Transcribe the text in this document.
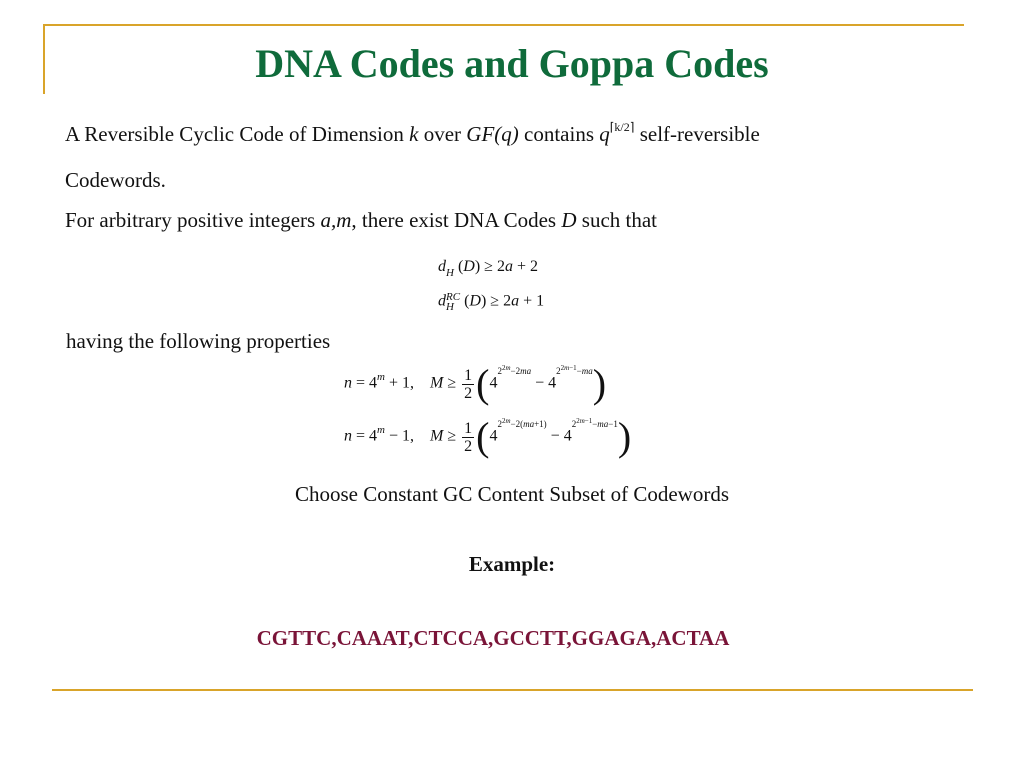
DNA Codes and Goppa Codes
A Reversible Cyclic Code of Dimension k over GF(q) contains $q^{⌈k/2⌉}$ self-reversible
Codewords.
For arbitrary positive integers a,m, there exist DNA Codes D such that
$d_H$ (D) ≥ 2a + 2
dRC
H (D) ≥ 2a + 1
having the following properties
$n = 4^m + 1$,    $M \ge \frac{1}{2} (4^{2^{2m}-2ma} - 4^{2^{2m-1}-ma})$
$n = 4^m - 1$,    $M \ge \frac{1}{2} (4^{2^{2m}-2(ma+1)} - 4^{2^{2m-1}-ma-1})$
Choose Constant GC Content Subset of Codewords
Example:
CGTTC,CAAAT,CTCCA,GCCTT,GGAGA,ACTAA
